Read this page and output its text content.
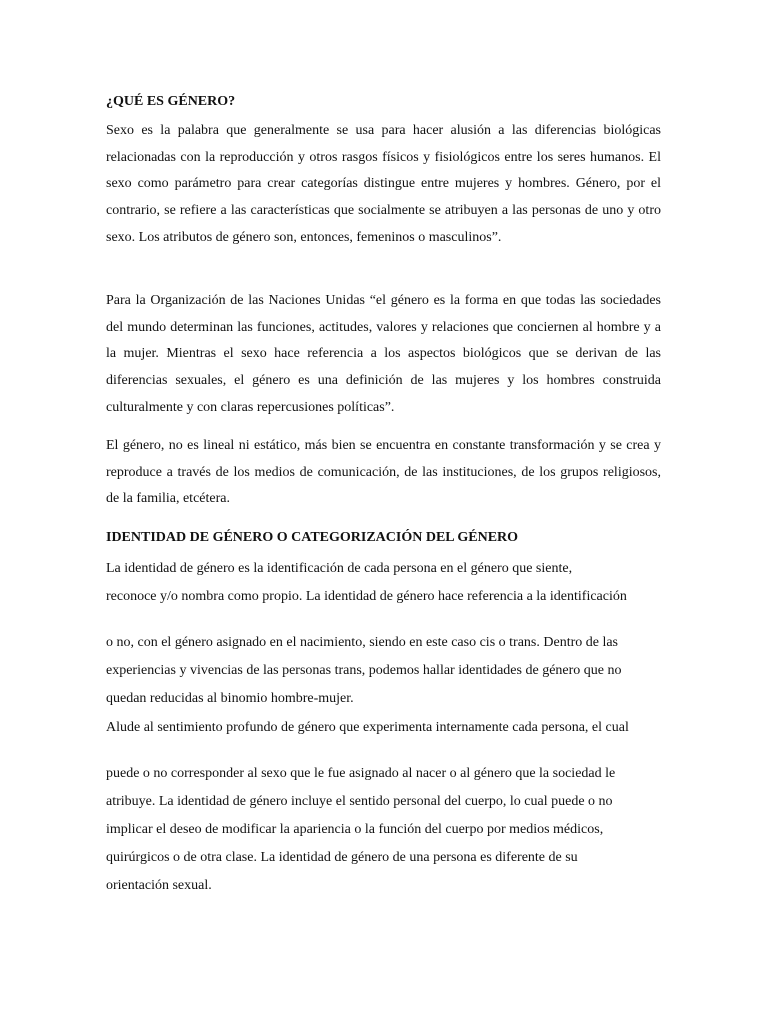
¿QUÉ ES GÉNERO?
Sexo es la palabra que generalmente se usa para hacer alusión a las diferencias biológicas relacionadas con la reproducción y otros rasgos físicos y fisiológicos entre los seres humanos. El sexo como parámetro para crear categorías distingue entre mujeres y hombres. Género, por el contrario, se refiere a las características que socialmente se atribuyen a las personas de uno y otro sexo. Los atributos de género son, entonces, femeninos o masculinos”.
Para la Organización de las Naciones Unidas “el género es la forma en que todas las sociedades del mundo determinan las funciones, actitudes, valores y relaciones que conciernen al hombre y a la mujer. Mientras el sexo hace referencia a los aspectos biológicos que se derivan de las diferencias sexuales, el género es una definición de las mujeres y los hombres construida culturalmente y con claras repercusiones políticas”.
El género, no es lineal ni estático, más bien se encuentra en constante transformación y se crea y reproduce a través de los medios de comunicación, de las instituciones, de los grupos religiosos, de la familia, etcétera.
IDENTIDAD DE GÉNERO O CATEGORIZACIÓN DEL GÉNERO
La identidad de género es la identificación de cada persona en el género que siente,
reconoce y/o nombra como propio. La identidad de género hace referencia a la identificación
o no, con el género asignado en el nacimiento, siendo en este caso cis o trans. Dentro de las
experiencias y vivencias de las personas trans, podemos hallar identidades de género que no
quedan reducidas al binomio hombre-mujer.
Alude al sentimiento profundo de género que experimenta internamente cada persona, el cual
puede o no corresponder al sexo que le fue asignado al nacer o al género que la sociedad le
atribuye. La identidad de género incluye el sentido personal del cuerpo, lo cual puede o no
implicar el deseo de modificar la apariencia o la función del cuerpo por medios médicos,
quirúrgicos o de otra clase. La identidad de género de una persona es diferente de su
orientación sexual.
